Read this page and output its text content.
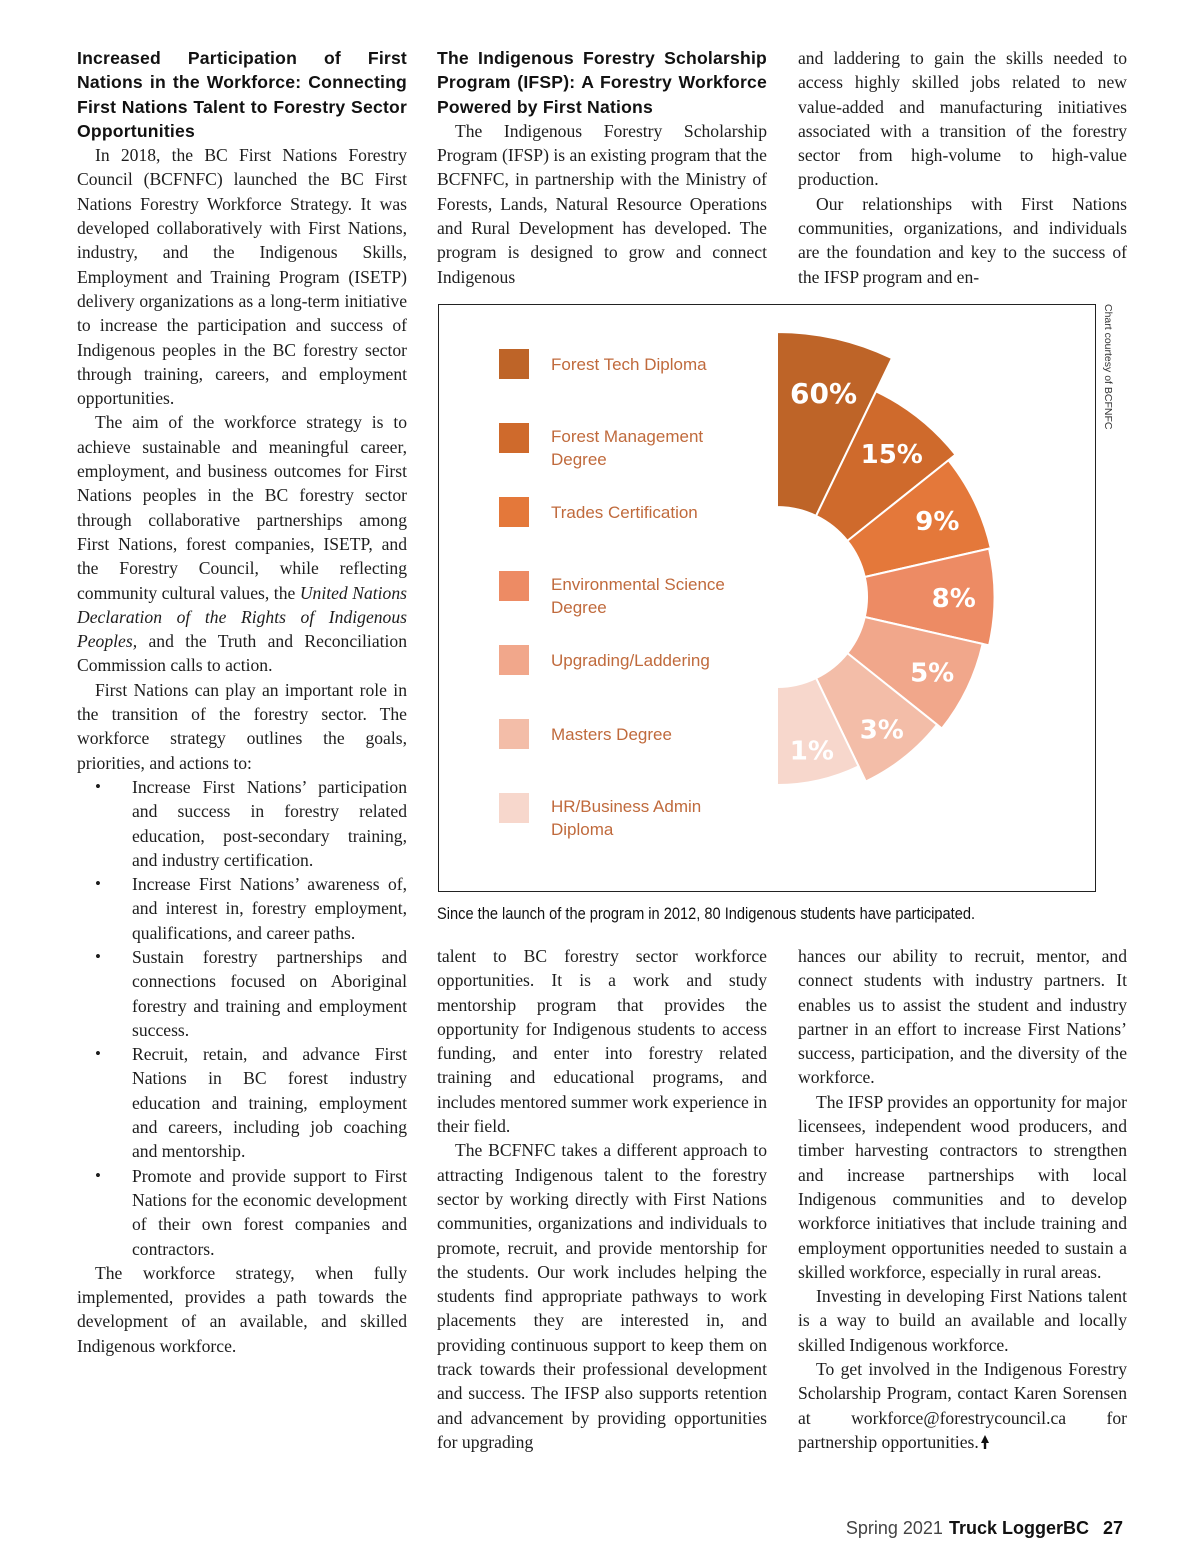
Increased Participation of First Nations in the Workforce: Connecting First Nations Talent to Forestry Sector Opportunities

In 2018, the BC First Nations Forestry Council (BCFNFC) launched the BC First Nations Forestry Workforce Strategy. It was developed collaboratively with First Nations, industry, and the Indigenous Skills, Employment and Training Program (ISETP) delivery organizations as a long-term initiative to increase the participation and success of Indigenous peoples in the BC forestry sector through training, careers, and employment opportunities.

The aim of the workforce strategy is to achieve sustainable and meaningful career, employment, and business outcomes for First Nations peoples in the BC forestry sector through collaborative partnerships among First Nations, forest companies, ISETP, and the Forestry Council, while reflecting community cultural values, the United Nations Declaration of the Rights of Indigenous Peoples, and the Truth and Reconciliation Commission calls to action.

First Nations can play an important role in the transition of the forestry sector. The workforce strategy outlines the goals, priorities, and actions to:

• Increase First Nations’ participation and success in forestry related education, post-secondary training, and industry certification.
• Increase First Nations’ awareness of, and interest in, forestry employment, qualifications, and career paths.
• Sustain forestry partnerships and connections focused on Aboriginal forestry and training and employment success.
• Recruit, retain, and advance First Nations in BC forest industry education and training, employment and careers, including job coaching and mentorship.
• Promote and provide support to First Nations for the economic development of their own forest companies and contractors.

The workforce strategy, when fully implemented, provides a path towards the development of an available, and skilled Indigenous workforce.

The Indigenous Forestry Scholarship Program (IFSP): A Forestry Workforce Powered by First Nations

The Indigenous Forestry Scholarship Program (IFSP) is an existing program that the BCFNFC, in partnership with the Ministry of Forests, Lands, Natural Resource Operations and Rural Development has developed. The program is designed to grow and connect Indigenous

and laddering to gain the skills needed to access highly skilled jobs related to new value-added and manufacturing initiatives associated with a transition of the forestry sector from high-volume to high-value production.

Our relationships with First Nations communities, organizations, and individuals are the foundation and key to the success of the IFSP program and en-

Forest Tech Diploma
Forest Management Degree
Trades Certification
Environmental Science Degree
Upgrading/Laddering
Masters Degree
HR/Business Admin Diploma
60%
15%
9%
8%
5%
3%
1%
Chart courtesy of BCFNFC
Since the launch of the program in 2012, 80 Indigenous students have participated.

talent to BC forestry sector workforce opportunities. It is a work and study mentorship program that provides the opportunity for Indigenous students to access funding, and enter into forestry related training and educational programs, and includes mentored summer work experience in their field.

The BCFNFC takes a different approach to attracting Indigenous talent to the forestry sector by working directly with First Nations communities, organizations and individuals to promote, recruit, and provide mentorship for the students. Our work includes helping the students find appropriate pathways to work placements they are interested in, and providing continuous support to keep them on track towards their professional development and success. The IFSP also supports retention and advancement by providing opportunities for upgrading

hances our ability to recruit, mentor, and connect students with industry partners. It enables us to assist the student and industry partner in an effort to increase First Nations’ success, participation, and the diversity of the workforce.

The IFSP provides an opportunity for major licensees, independent wood producers, and timber harvesting contractors to strengthen and increase partnerships with local Indigenous communities and to develop workforce initiatives that include training and employment opportunities needed to sustain a skilled workforce, especially in rural areas.

Investing in developing First Nations talent is a way to build an available and locally skilled Indigenous workforce.

To get involved in the Indigenous Forestry Scholarship Program, contact Karen Sorensen at workforce@forestrycouncil.ca for partnership opportunities.

Spring 2021 Truck LoggerBC 27
